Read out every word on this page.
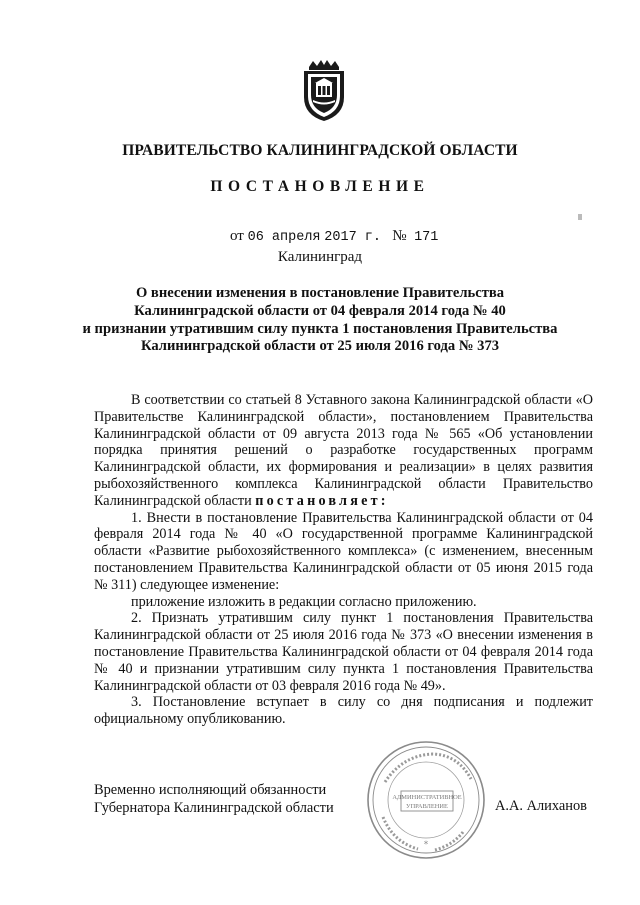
ПРАВИТЕЛЬСТВО КАЛИНИНГРАДСКОЙ ОБЛАСТИ
ПОСТАНОВЛЕНИЕ
от 06 апреля 2017 г. № 171
Калининград
О внесении изменения в постановление Правительства
Калининградской области от 04 февраля 2014 года № 40
и признании утратившим силу пункта 1 постановления Правительства
Калининградской области от 25 июля 2016 года № 373

В соответствии со статьей 8 Уставного закона Калининградской области «О Правительстве Калининградской области», постановлением Правительства Калининградской области от 09 августа 2013 года № 565 «Об установлении порядка принятия решений о разработке государственных программ Калининградской области, их формирования и реализации» в целях развития рыбохозяйственного комплекса Калининградской области Правительство Калининградской области постановляет:

1. Внести в постановление Правительства Калининградской области от 04 февраля 2014 года № 40 «О государственной программе Калининградской области «Развитие рыбохозяйственного комплекса» (с изменением, внесенным постановлением Правительства Калининградской области от 05 июня 2015 года № 311) следующее изменение:

приложение изложить в редакции согласно приложению.

2. Признать утратившим силу пункт 1 постановления Правительства Калининградской области от 25 июля 2016 года № 373 «О внесении изменения в постановление Правительства Калининградской области от 04 февраля 2014 года № 40 и признании утратившим силу пункта 1 постановления Правительства Калининградской области от 03 февраля 2016 года № 49».

3. Постановление вступает в силу со дня подписания и подлежит официальному опубликованию.

Временно исполняющий обязанности
Губернатора Калининградской области
АДМИНИСТРАТИВНОЕ
УПРАВЛЕНИЕ
*
А.А. Алиханов
